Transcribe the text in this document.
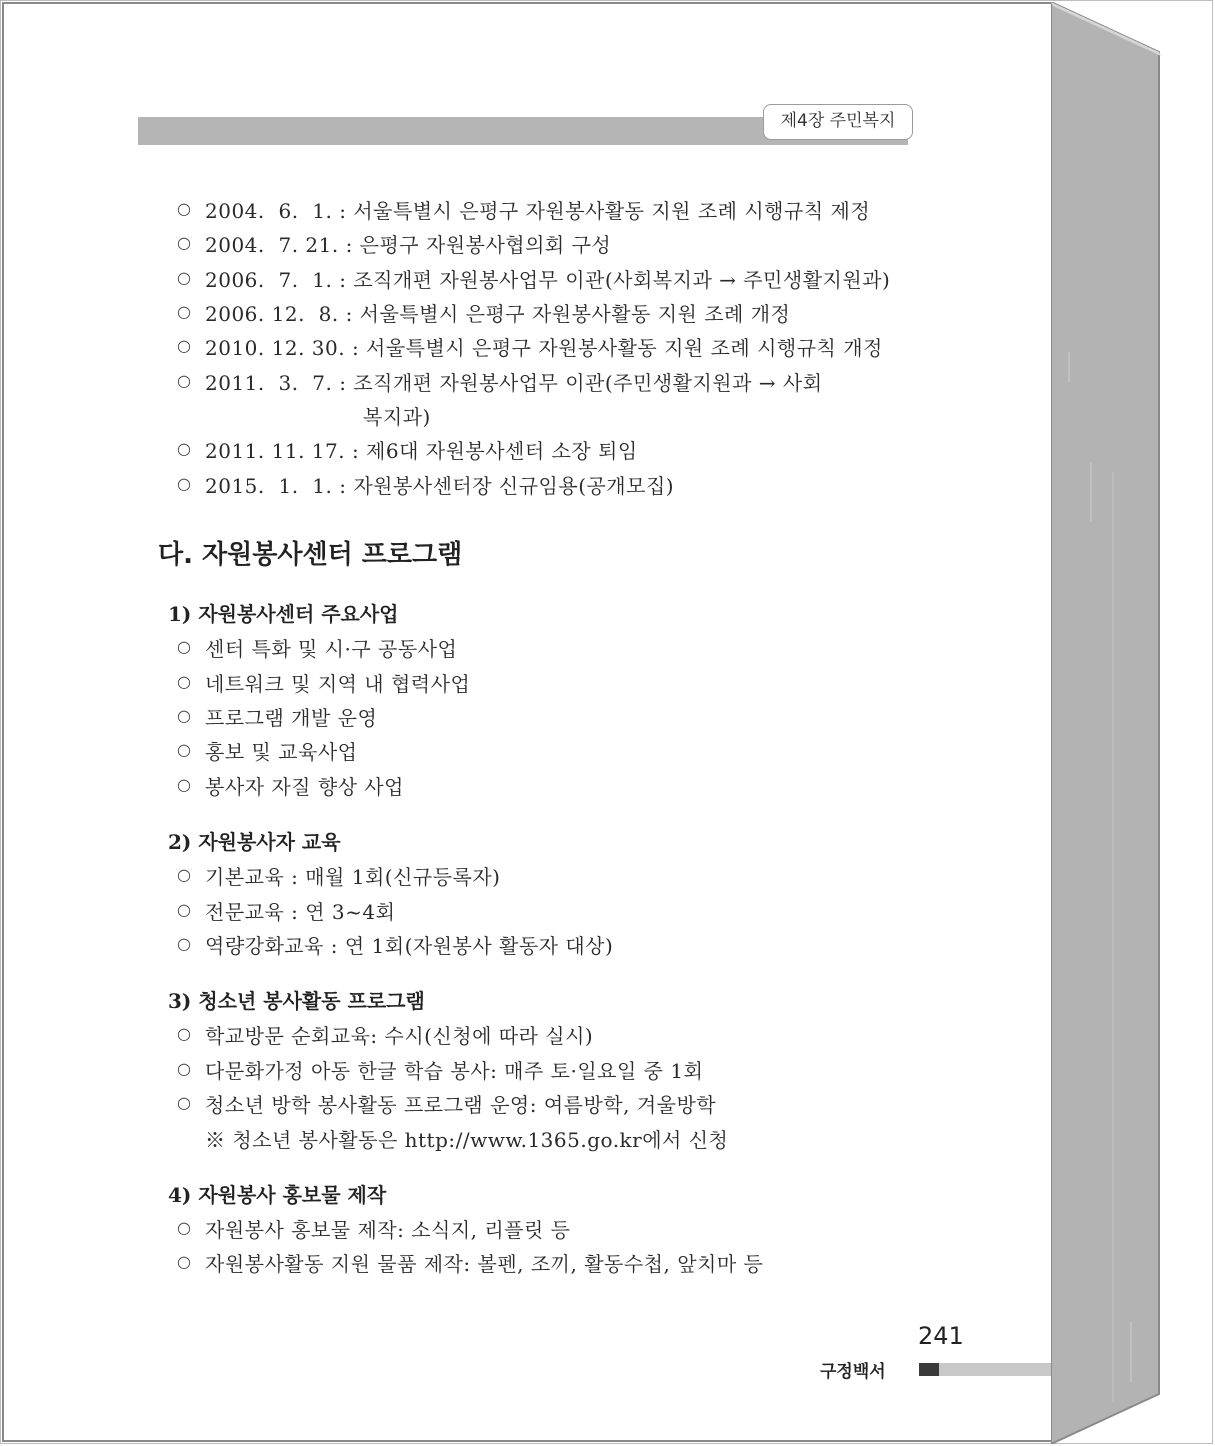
제4장 주민복지
○ 2004.  6.  1. : 서울특별시 은평구 자원봉사활동 지원 조례 시행규칙 제정
○ 2004.  7. 21. : 은평구 자원봉사협의회 구성
○ 2006.  7.  1. : 조직개편 자원봉사업무 이관(사회복지과 → 주민생활지원과)
○ 2006. 12.  8. : 서울특별시 은평구 자원봉사활동 지원 조례 개정
○ 2010. 12. 30. : 서울특별시 은평구 자원봉사활동 지원 조례 시행규칙 개정
○ 2011.  3.  7. : 조직개편 자원봉사업무 이관(주민생활지원과 → 사회
복지과)
○ 2011. 11. 17. : 제6대 자원봉사센터 소장 퇴임
○ 2015.  1.  1. : 자원봉사센터장 신규임용(공개모집)
다. 자원봉사센터 프로그램
1) 자원봉사센터 주요사업
○ 센터 특화 및 시·구 공동사업
○ 네트워크 및 지역 내 협력사업
○ 프로그램 개발 운영
○ 홍보 및 교육사업
○ 봉사자 자질 향상 사업
2) 자원봉사자 교육
○ 기본교육 : 매월 1회(신규등록자)
○ 전문교육 : 연 3~4회
○ 역량강화교육 : 연 1회(자원봉사 활동자 대상)
3) 청소년 봉사활동 프로그램
○ 학교방문 순회교육: 수시(신청에 따라 실시)
○ 다문화가정 아동 한글 학습 봉사: 매주 토·일요일 중 1회
○ 청소년 방학 봉사활동 프로그램 운영: 여름방학, 겨울방학
※ 청소년 봉사활동은 http://www.1365.go.kr에서 신청
4) 자원봉사 홍보물 제작
○ 자원봉사 홍보물 제작: 소식지, 리플릿 등
○ 자원봉사활동 지원 물품 제작: 볼펜, 조끼, 활동수첩, 앞치마 등
241
구정백서
